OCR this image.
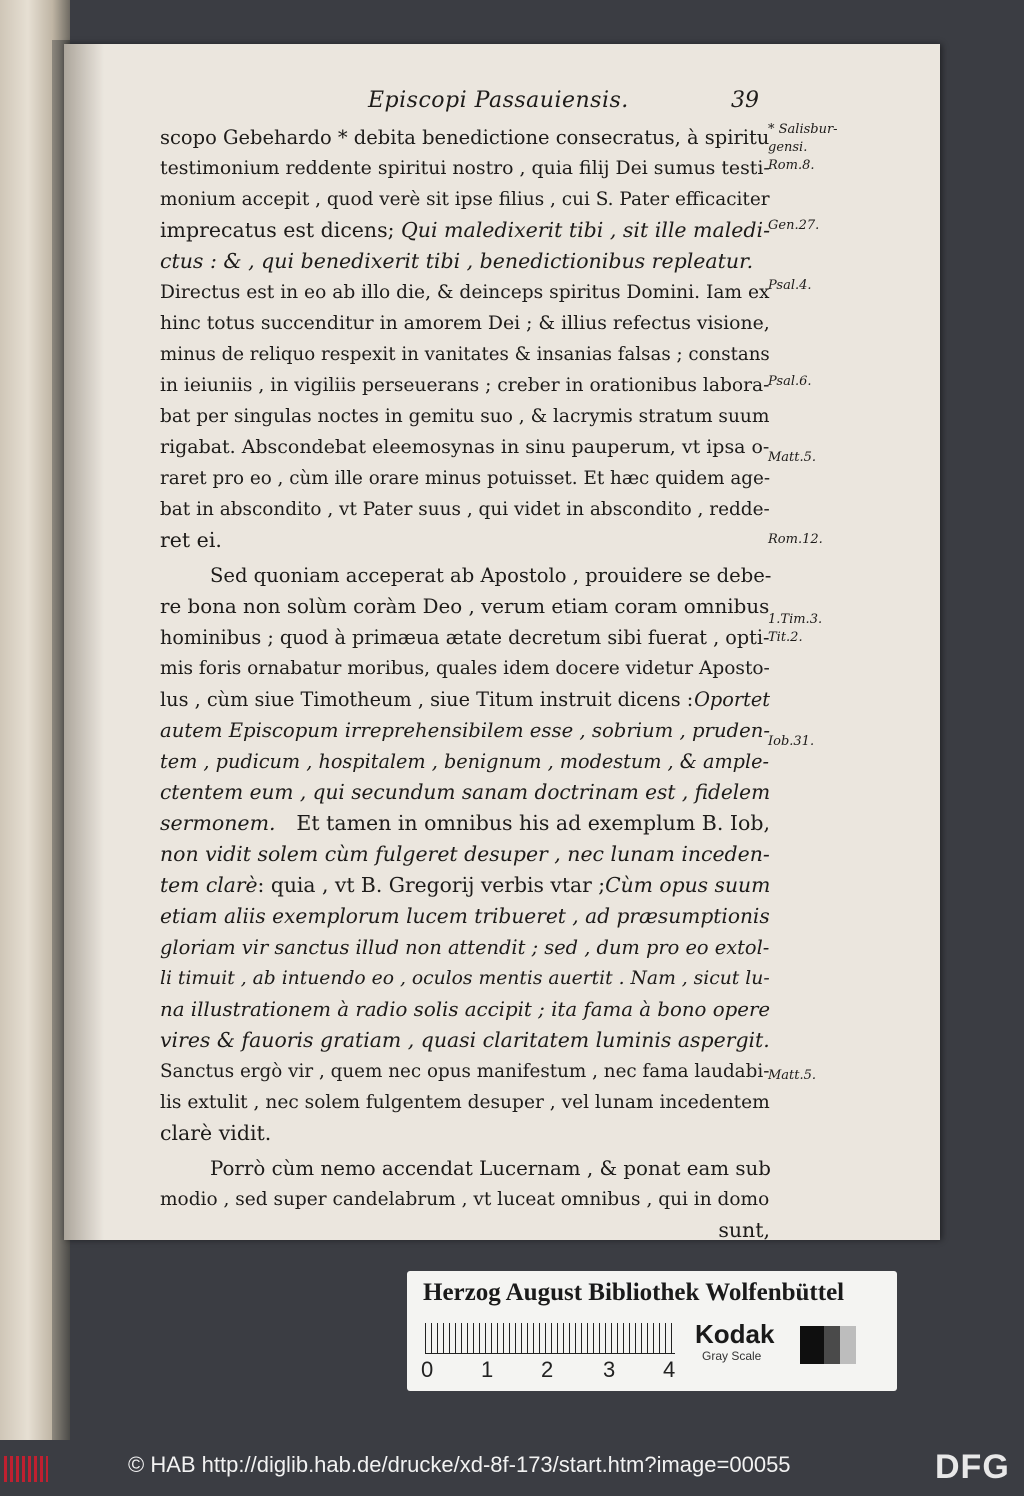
Episcopi Passauiensis.	39
scopo Gebehardo * debita benedictione consecratus, à spiritu
testimonium reddente spiritui nostro , quia filij Dei sumus testi-
monium accepit , quod verè sit ipse filius , cui S. Pater efficaciter
imprecatus est dicens; Qui maledixerit tibi , sit ille maledi-
ctus : & , qui benedixerit tibi , benedictionibus repleatur.
Directus est in eo ab illo die, & deinceps spiritus Domini. Iam ex
hinc totus succenditur in amorem Dei ; & illius refectus visione,
minus de reliquo respexit in vanitates & insanias falsas ; constans
in ieiuniis , in vigiliis perseuerans ; creber in orationibus labora-
bat per singulas noctes in gemitu suo , & lacrymis stratum suum
rigabat. Abscondebat eleemosynas in sinu pauperum, vt ipsa o-
raret pro eo , cùm ille orare minus potuisset. Et hæc quidem age-
bat in abscondito , vt Pater suus , qui videt in abscondito , redde-
ret ei.
Sed quoniam acceperat ab Apostolo , prouidere se debe-
re bona non solùm coràm Deo , verum etiam coram omnibus
hominibus ; quod à primæua ætate decretum sibi fuerat , opti-
mis foris ornabatur moribus, quales idem docere videtur Aposto-
lus , cùm siue Timotheum , siue Titum instruit dicens : Oportet
autem Episcopum irreprehensibilem esse , sobrium , pruden-
tem , pudicum , hospitalem , benignum , modestum , & ample-
ctentem eum , qui secundum sanam doctrinam est , fidelem
sermonem. Et tamen in omnibus his ad exemplum B. Iob,
non vidit solem cùm fulgeret desuper , nec lunam inceden-
tem clarè : quia , vt B. Gregorij verbis vtar ; Cùm opus suum
etiam aliis exemplorum lucem tribueret , ad præsumptionis
gloriam vir sanctus illud non attendit ; sed , dum pro eo extol-
li timuit , ab intuendo eo , oculos mentis auertit . Nam , sicut lu-
na illustrationem à radio solis accipit ; ita fama à bono opere
vires & fauoris gratiam , quasi claritatem luminis aspergit.
Sanctus ergò vir , quem nec opus manifestum , nec fama laudabi-
lis extulit , nec solem fulgentem desuper , vel lunam incedentem
clarè vidit.
Porrò cùm nemo accendat Lucernam , & ponat eam sub
modio , sed super candelabrum , vt luceat omnibus , qui in domo
sunt,
* Salisbur-
gensi.
Rom.8.
Gen.27.
Psal.4.
Psal.6.
Matt.5.
Rom.12.
1.Tim.3.
Tit.2.
Iob.31.
Matt.5.
Herzog August Bibliothek Wolfenbüttel
0 1 2 3 4
Kodak
Gray Scale
© HAB http://diglib.hab.de/drucke/xd-8f-173/start.htm?image=00055	DFG
